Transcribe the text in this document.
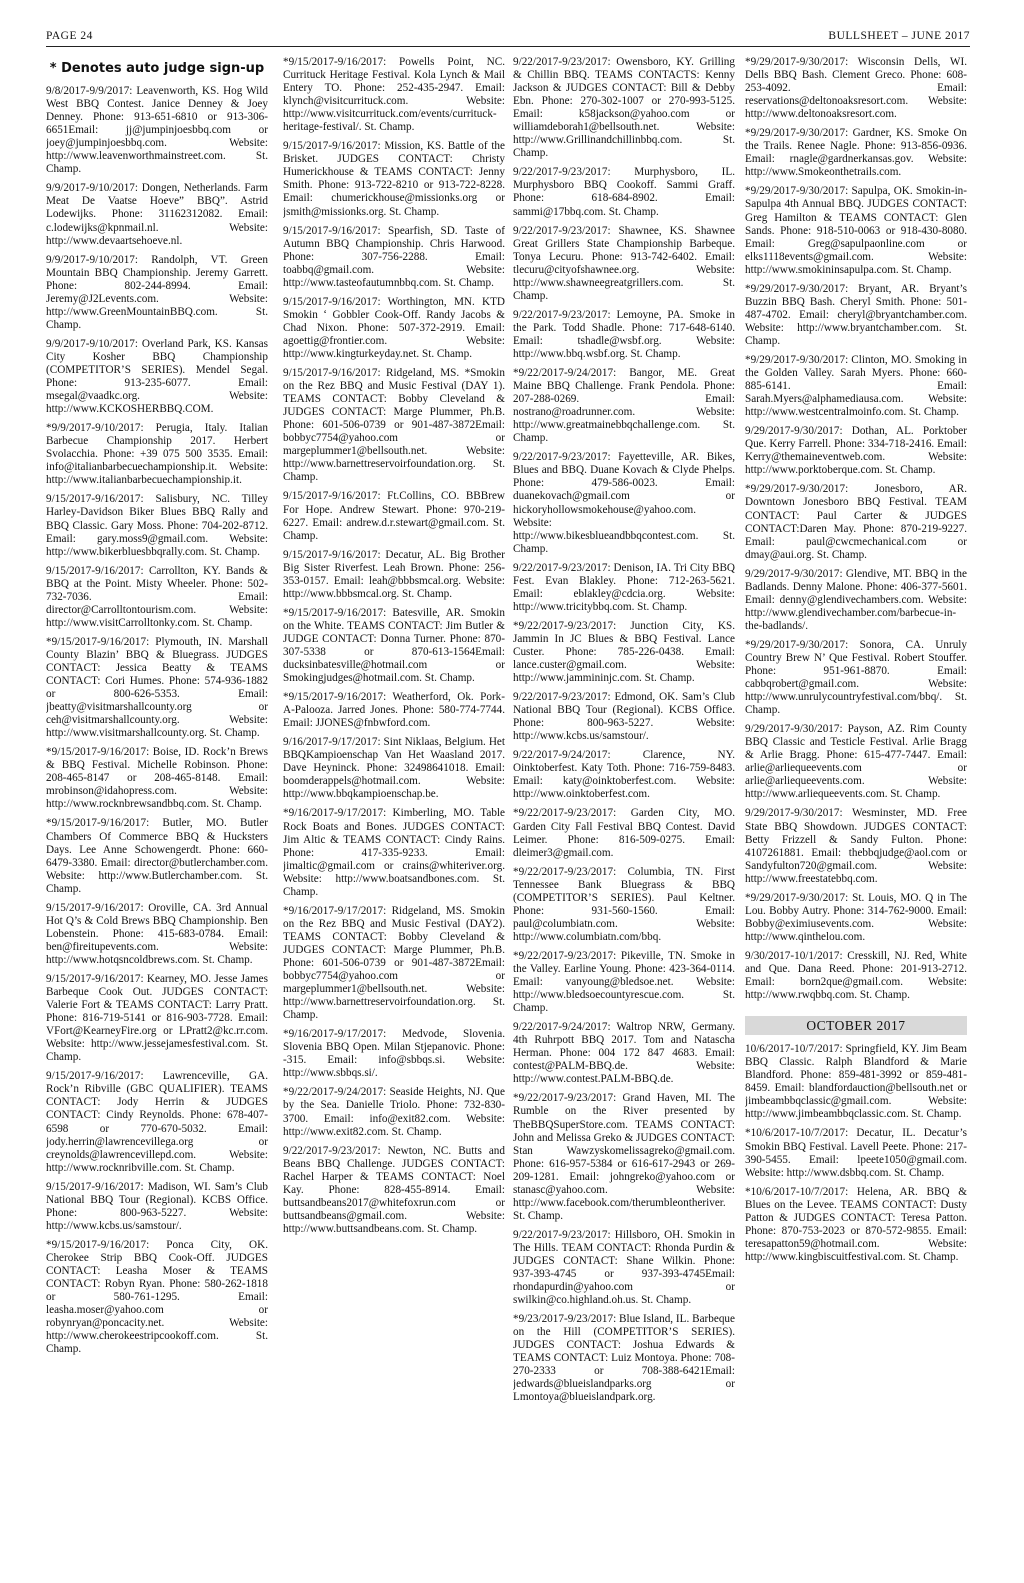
PAGE 24	BULLSHEET – JUNE 2017
* Denotes auto judge sign-up

9/8/2017-9/9/2017: Leavenworth, KS. Hog Wild West BBQ Contest. Janice Denney & Joey Denney. Phone: 913-651-6810 or 913-306-6651Email: jj@jumpinjoesbbq.com or joey@jumpinjoesbbq.com. Website: http://www.leavenworthmainstreet.com. St. Champ.

9/9/2017-9/10/2017: Dongen, Netherlands. Farm Meat De Vaatse Hoeve” BBQ”. Astrid Lodewijks. Phone: 31162312082. Email: c.lodewijks@kpnmail.nl. Website: http://www.devaartsehoeve.nl.

9/9/2017-9/10/2017: Randolph, VT. Green Mountain BBQ Championship. Jeremy Garrett. Phone: 802-244-8994. Email: Jeremy@J2Levents.com. Website: http://www.GreenMountainBBQ.com. St. Champ.

9/9/2017-9/10/2017: Overland Park, KS. Kansas City Kosher BBQ Championship (COMPETITOR’S SERIES). Mendel Segal. Phone: 913-235-6077. Email: msegal@vaadkc.org. Website: http://www.KCKOSHERBBQ.COM.

*9/9/2017-9/10/2017: Perugia, Italy. Italian Barbecue Championship 2017. Herbert Svolacchia. Phone: +39 075 500 3535. Email: info@italianbarbecuechampionship.it. Website: http://www.italianbarbecuechampionship.it.

9/15/2017-9/16/2017: Salisbury, NC. Tilley Harley-Davidson Biker Blues BBQ Rally and BBQ Classic. Gary Moss. Phone: 704-202-8712. Email: gary.moss9@gmail.com. Website: http://www.bikerbluesbbqrally.com. St. Champ.

9/15/2017-9/16/2017: Carrollton, KY. Bands & BBQ at the Point. Misty Wheeler. Phone: 502-732-7036. Email: director@Carrolltontourism.com. Website: http://www.visitCarrolltonky.com. St. Champ.

*9/15/2017-9/16/2017: Plymouth, IN. Marshall County Blazin’ BBQ & Bluegrass. JUDGES CONTACT: Jessica Beatty & TEAMS CONTACT: Cori Humes. Phone: 574-936-1882 or 800-626-5353. Email: jbeatty@visitmarshallcounty.org or ceh@visitmarshallcounty.org. Website: http://www.visitmarshallcounty.org. St. Champ.

*9/15/2017-9/16/2017: Boise, ID. Rock’n Brews & BBQ Festival. Michelle Robinson. Phone: 208-465-8147 or 208-465-8148. Email: mrobinson@idahopress.com. Website: http://www.rocknbrewsandbbq.com. St. Champ.

*9/15/2017-9/16/2017: Butler, MO. Butler Chambers Of Commerce BBQ & Hucksters Days. Lee Anne Schowengerdt. Phone: 660-6479-3380. Email: director@butlerchamber.com. Website: http://www.Butlerchamber.com. St. Champ.

9/15/2017-9/16/2017: Oroville, CA. 3rd Annual Hot Q’s & Cold Brews BBQ Championship. Ben Lobenstein. Phone: 415-683-0784. Email: ben@fireitupevents.com. Website: http://www.hotqsncoldbrews.com. St. Champ.

9/15/2017-9/16/2017: Kearney, MO. Jesse James Barbeque Cook Out. JUDGES CONTACT: Valerie Fort & TEAMS CONTACT: Larry Pratt. Phone: 816-719-5141 or 816-903-7728. Email: VFort@KearneyFire.org or LPratt2@kc.rr.com. Website: http://www.jessejamesfestival.com. St. Champ.

9/15/2017-9/16/2017: Lawrenceville, GA. Rock’n Ribville (GBC QUALIFIER). TEAMS CONTACT: Jody Herrin & JUDGES CONTACT: Cindy Reynolds. Phone: 678-407-6598 or 770-670-5032. Email: jody.herrin@lawrencevillega.org or creynolds@lawrencevillepd.com. Website: http://www.rocknribville.com. St. Champ.

9/15/2017-9/16/2017: Madison, WI. Sam’s Club National BBQ Tour (Regional). KCBS Office. Phone: 800-963-5227. Website: http://www.kcbs.us/samstour/.

*9/15/2017-9/16/2017: Ponca City, OK. Cherokee Strip BBQ Cook-Off. JUDGES CONTACT: Leasha Moser & TEAMS CONTACT: Robyn Ryan. Phone: 580-262-1818 or 580-761-1295. Email: leasha.moser@yahoo.com or robynryan@poncacity.net. Website: http://www.cherokeestripcookoff.com. St. Champ.

*9/15/2017-9/16/2017: Powells Point, NC. Currituck Heritage Festival. Kola Lynch & Mail Entery TO. Phone: 252-435-2947. Email: klynch@visitcurrituck.com. Website: http://www.visitcurrituck.com/events/currituck-heritage-festival/. St. Champ.

9/15/2017-9/16/2017: Mission, KS. Battle of the Brisket. JUDGES CONTACT: Christy Humerickhouse & TEAMS CONTACT: Jenny Smith. Phone: 913-722-8210 or 913-722-8228. Email: chumerickhouse@missionks.org or jsmith@missionks.org. St. Champ.

9/15/2017-9/16/2017: Spearfish, SD. Taste of Autumn BBQ Championship. Chris Harwood. Phone: 307-756-2288. Email: toabbq@gmail.com. Website: http://www.tasteofautumnbbq.com. St. Champ.

9/15/2017-9/16/2017: Worthington, MN. KTD Smokin ‘ Gobbler Cook-Off. Randy Jacobs & Chad Nixon. Phone: 507-372-2919. Email: agoettig@frontier.com. Website: http://www.kingturkeyday.net. St. Champ.

9/15/2017-9/16/2017: Ridgeland, MS. *Smokin on the Rez BBQ and Music Festival (DAY 1). TEAMS CONTACT: Bobby Cleveland & JUDGES CONTACT: Marge Plummer, Ph.B. Phone: 601-506-0739 or 901-487-3872Email: bobbyc7754@yahoo.com or margeplummer1@bellsouth.net. Website: http://www.barnettreservoirfoundation.org. St. Champ.

9/15/2017-9/16/2017: Ft.Collins, CO. BBBrew For Hope. Andrew Stewart. Phone: 970-219-6227. Email: andrew.d.r.stewart@gmail.com. St. Champ.

9/15/2017-9/16/2017: Decatur, AL. Big Brother Big Sister Riverfest. Leah Brown. Phone: 256-353-0157. Email: leah@bbbsmcal.org. Website: http://www.bbbsmcal.org. St. Champ.

*9/15/2017-9/16/2017: Batesville, AR. Smokin on the White. TEAMS CONTACT: Jim Butler & JUDGE CONTACT: Donna Turner. Phone: 870-307-5338 or 870-613-1564Email: ducksinbatesville@hotmail.com or Smokingjudges@hotmail.com. St. Champ.

*9/15/2017-9/16/2017: Weatherford, Ok. Pork-A-Palooza. Jarred Jones. Phone: 580-774-7744. Email: JJONES@fnbwford.com.

9/16/2017-9/17/2017: Sint Niklaas, Belgium. Het BBQKampioenschap Van Het Waasland 2017. Dave Heyninck. Phone: 32498641018. Email: boomderappels@hotmail.com. Website: http://www.bbqkampioenschap.be.

*9/16/2017-9/17/2017: Kimberling, MO. Table Rock Boats and Bones. JUDGES CONTACT: Jim Altic & TEAMS CONTACT: Cindy Rains. Phone: 417-335-9233. Email: jimaltic@gmail.com or crains@whiteriver.org. Website: http://www.boatsandbones.com. St. Champ.

*9/16/2017-9/17/2017: Ridgeland, MS. Smokin on the Rez BBQ and Music Festival (DAY2). TEAMS CONTACT: Bobby Cleveland & JUDGES CONTACT: Marge Plummer, Ph.B. Phone: 601-506-0739 or 901-487-3872Email: bobbyc7754@yahoo.com or margeplummer1@bellsouth.net. Website: http://www.barnettreservoirfoundation.org. St. Champ.

*9/16/2017-9/17/2017: Medvode, Slovenia. Slovenia BBQ Open. Milan Stjepanovic. Phone: -315. Email: info@sbbqs.si. Website: http://www.sbbqs.si/.

*9/22/2017-9/24/2017: Seaside Heights, NJ. Que by the Sea. Danielle Triolo. Phone: 732-830-3700. Email: info@exit82.com. Website: http://www.exit82.com. St. Champ.

9/22/2017-9/23/2017: Newton, NC. Butts and Beans BBQ Challenge. JUDGES CONTACT: Rachel Harper & TEAMS CONTACT: Noel Kay. Phone: 828-455-8914. Email: buttsandbeans2017@whitefoxrun.com or buttsandbeans@gmail.com. Website: http://www.buttsandbeans.com. St. Champ.

9/22/2017-9/23/2017: Owensboro, KY. Grilling & Chillin BBQ. TEAMS CONTACTS: Kenny Jackson & JUDGES CONTACT: Bill & Debby Ebn. Phone: 270-302-1007 or 270-993-5125. Email: k58jackson@yahoo.com or williamdeborah1@bellsouth.net. Website: http://www.Grillinandchillinbbq.com. St. Champ.

9/22/2017-9/23/2017: Murphysboro, IL. Murphysboro BBQ Cookoff. Sammi Graff. Phone: 618-684-8902. Email: sammi@17bbq.com. St. Champ.

9/22/2017-9/23/2017: Shawnee, KS. Shawnee Great Grillers State Championship Barbeque. Tonya Lecuru. Phone: 913-742-6402. Email: tlecuru@cityofshawnee.org. Website: http://www.shawneegreatgrillers.com. St. Champ.

9/22/2017-9/23/2017: Lemoyne, PA. Smoke in the Park. Todd Shadle. Phone: 717-648-6140. Email: tshadle@wsbf.org. Website: http://www.bbq.wsbf.org. St. Champ.

*9/22/2017-9/24/2017: Bangor, ME. Great Maine BBQ Challenge. Frank Pendola. Phone: 207-288-0269. Email: nostrano@roadrunner.com. Website: http://www.greatmainebbqchallenge.com. St. Champ.

9/22/2017-9/23/2017: Fayetteville, AR. Bikes, Blues and BBQ. Duane Kovach & Clyde Phelps. Phone: 479-586-0023. Email: duanekovach@gmail.com or hickoryhollowsmokehouse@yahoo.com. Website: http://www.bikesblueandbbqcontest.com. St. Champ.

9/22/2017-9/23/2017: Denison, IA. Tri City BBQ Fest. Evan Blakley. Phone: 712-263-5621. Email: eblakley@cdcia.org. Website: http://www.tricitybbq.com. St. Champ.

*9/22/2017-9/23/2017: Junction City, KS. Jammin In JC Blues & BBQ Festival. Lance Custer. Phone: 785-226-0438. Email: lance.custer@gmail.com. Website: http://www.jammininjc.com. St. Champ.

9/22/2017-9/23/2017: Edmond, OK. Sam’s Club National BBQ Tour (Regional). KCBS Office. Phone: 800-963-5227. Website: http://www.kcbs.us/samstour/.

9/22/2017-9/24/2017: Clarence, NY. Oinktoberfest. Katy Toth. Phone: 716-759-8483. Email: katy@oinktoberfest.com. Website: http://www.oinktoberfest.com.

*9/22/2017-9/23/2017: Garden City, MO. Garden City Fall Festival BBQ Contest. David Leimer. Phone: 816-509-0275. Email: dleimer3@gmail.com.

*9/22/2017-9/23/2017: Columbia, TN. First Tennessee Bank Bluegrass & BBQ (COMPETITOR’S SERIES). Paul Keltner. Phone: 931-560-1560. Email: paul@columbiatn.com. Website: http://www.columbiatn.com/bbq.

*9/22/2017-9/23/2017: Pikeville, TN. Smoke in the Valley. Earline Young. Phone: 423-364-0114. Email: vanyoung@bledsoe.net. Website: http://www.bledsoecountyrescue.com. St. Champ.

9/22/2017-9/24/2017: Waltrop NRW, Germany. 4th Ruhrpott BBQ 2017. Tom and Natascha Herman. Phone: 004 172 847 4683. Email: contest@PALM-BBQ.de. Website: http://www.contest.PALM-BBQ.de.

*9/22/2017-9/23/2017: Grand Haven, MI. The Rumble on the River presented by TheBBQSuperStore.com. TEAMS CONTACT: John and Melissa Greko & JUDGES CONTACT: Stan Wawzyskomelissagreko@gmail.com. Phone: 616-957-5384 or 616-617-2943 or 269-209-1281. Email: johngreko@yahoo.com or stanasc@yahoo.com. Website: http://www.facebook.com/therumbleontheriver. St. Champ.

9/22/2017-9/23/2017: Hillsboro, OH. Smokin in The Hills. TEAM CONTACT: Rhonda Purdin & JUDGES CONTACT: Shane Wilkin. Phone: 937-393-4745 or 937-393-4745Email: rhondapurdin@yahoo.com or swilkin@co.highland.oh.us. St. Champ.

*9/23/2017-9/23/2017: Blue Island, IL. Barbeque on the Hill (COMPETITOR’S SERIES). JUDGES CONTACT: Joshua Edwards & TEAMS CONTACT: Luiz Montoya. Phone: 708-270-2333 or 708-388-6421Email: jedwards@blueislandparks.org or Lmontoya@blueislandpark.org.

*9/29/2017-9/30/2017: Wisconsin Dells, WI. Dells BBQ Bash. Clement Greco. Phone: 608-253-4092. Email: reservations@deltonoaksresort.com. Website: http://www.deltonoaksresort.com.

*9/29/2017-9/30/2017: Gardner, KS. Smoke On the Trails. Renee Nagle. Phone: 913-856-0936. Email: rnagle@gardnerkansas.gov. Website: http://www.Smokeonthetrails.com.

*9/29/2017-9/30/2017: Sapulpa, OK. Smokin-in-Sapulpa 4th Annual BBQ. JUDGES CONTACT: Greg Hamilton & TEAMS CONTACT: Glen Sands. Phone: 918-510-0063 or 918-430-8080. Email: Greg@sapulpaonline.com or elks1118events@gmail.com. Website: http://www.smokininsapulpa.com. St. Champ.

*9/29/2017-9/30/2017: Bryant, AR. Bryant’s Buzzin BBQ Bash. Cheryl Smith. Phone: 501-487-4702. Email: cheryl@bryantchamber.com. Website: http://www.bryantchamber.com. St. Champ.

*9/29/2017-9/30/2017: Clinton, MO. Smoking in the Golden Valley. Sarah Myers. Phone: 660-885-6141. Email: Sarah.Myers@alphamediausa.com. Website: http://www.westcentralmoinfo.com. St. Champ.

9/29/2017-9/30/2017: Dothan, AL. Porktober Que. Kerry Farrell. Phone: 334-718-2416. Email: Kerry@themaineventweb.com. Website: http://www.porktoberque.com. St. Champ.

*9/29/2017-9/30/2017: Jonesboro, AR. Downtown Jonesboro BBQ Festival. TEAM CONTACT: Paul Carter & JUDGES CONTACT:Daren May. Phone: 870-219-9227. Email: paul@cwcmechanical.com or dmay@aui.org. St. Champ.

9/29/2017-9/30/2017: Glendive, MT. BBQ in the Badlands. Denny Malone. Phone: 406-377-5601. Email: denny@glendivechambers.com. Website: http://www.glendivechamber.com/barbecue-in-the-badlands/.

*9/29/2017-9/30/2017: Sonora, CA. Unruly Country Brew N’ Que Festival. Robert Stouffer. Phone: 951-961-8870. Email: cabbqrobert@gmail.com. Website: http://www.unrulycountryfestival.com/bbq/. St. Champ.

9/29/2017-9/30/2017: Payson, AZ. Rim County BBQ Classic and Testicle Festival. Arlie Bragg & Arlie Bragg. Phone: 615-477-7447. Email: arlie@arliequeevents.com or arlie@arliequeevents.com. Website: http://www.arliequeevents.com. St. Champ.

9/29/2017-9/30/2017: Wesminster, MD. Free State BBQ Showdown. JUDGES CONTACT: Betty Frizzell & Sandy Fulton. Phone: 4107261881. Email: thebbqjudge@aol.com or Sandyfulton720@gmail.com. Website: http://www.freestatebbq.com.

*9/29/2017-9/30/2017: St. Louis, MO. Q in The Lou. Bobby Autry. Phone: 314-762-9000. Email: Bobby@eximiusevents.com. Website: http://www.qinthelou.com.

9/30/2017-10/1/2017: Cresskill, NJ. Red, White and Que. Dana Reed. Phone: 201-913-2712. Email: born2que@gmail.com. Website: http://www.rwqbbq.com. St. Champ.

OCTOBER 2017

10/6/2017-10/7/2017: Springfield, KY. Jim Beam BBQ Classic. Ralph Blandford & Marie Blandford. Phone: 859-481-3992 or 859-481-8459. Email: blandfordauction@bellsouth.net or jimbeambbqclassic@gmail.com. Website: http://www.jimbeambbqclassic.com. St. Champ.

*10/6/2017-10/7/2017: Decatur, IL. Decatur’s Smokin BBQ Festival. Lavell Peete. Phone: 217-390-5455. Email: lpeete1050@gmail.com. Website: http://www.dsbbq.com. St. Champ.

*10/6/2017-10/7/2017: Helena, AR. BBQ & Blues on the Levee. TEAMS CONTACT: Dusty Patton & JUDGES CONTACT: Teresa Patton. Phone: 870-753-2023 or 870-572-9855. Email: teresapatton59@hotmail.com. Website: http://www.kingbiscuitfestival.com. St. Champ.
